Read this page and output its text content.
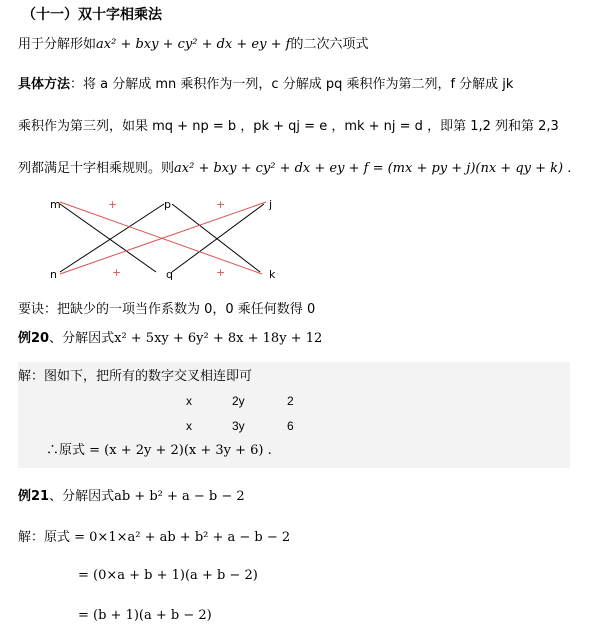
（十一）双十字相乘法
用于分解形如ax² + bxy + cy² + dx + ey + f的二次六项式
具体方法：将 a 分解成 mn 乘积作为一列，c 分解成 pq 乘积作为第二列，f 分解成 jk
乘积作为第三列，如果 mq + np = b ，pk + qj = e ，mk + nj = d ，即第 1,2 列和第 2,3
列都满足十字相乘规则。则ax² + bxy + cy² + dx + ey + f = (mx + py + j)(nx + qy + k) .
m	p	j
n	q	k
+	+
+	+
要诀：把缺少的一项当作系数为 0，0 乘任何数得 0
例20、分解因式x² + 5xy + 6y² + 8x + 18y + 12
解：图如下，把所有的数字交叉相连即可
x	2y	2
x	3y	6
∴原式 = (x + 2y + 2)(x + 3y + 6) .
例21、分解因式ab + b² + a − b − 2
解：原式 = 0×1×a² + ab + b² + a − b − 2
= (0×a + b + 1)(a + b − 2)
= (b + 1)(a + b − 2)
